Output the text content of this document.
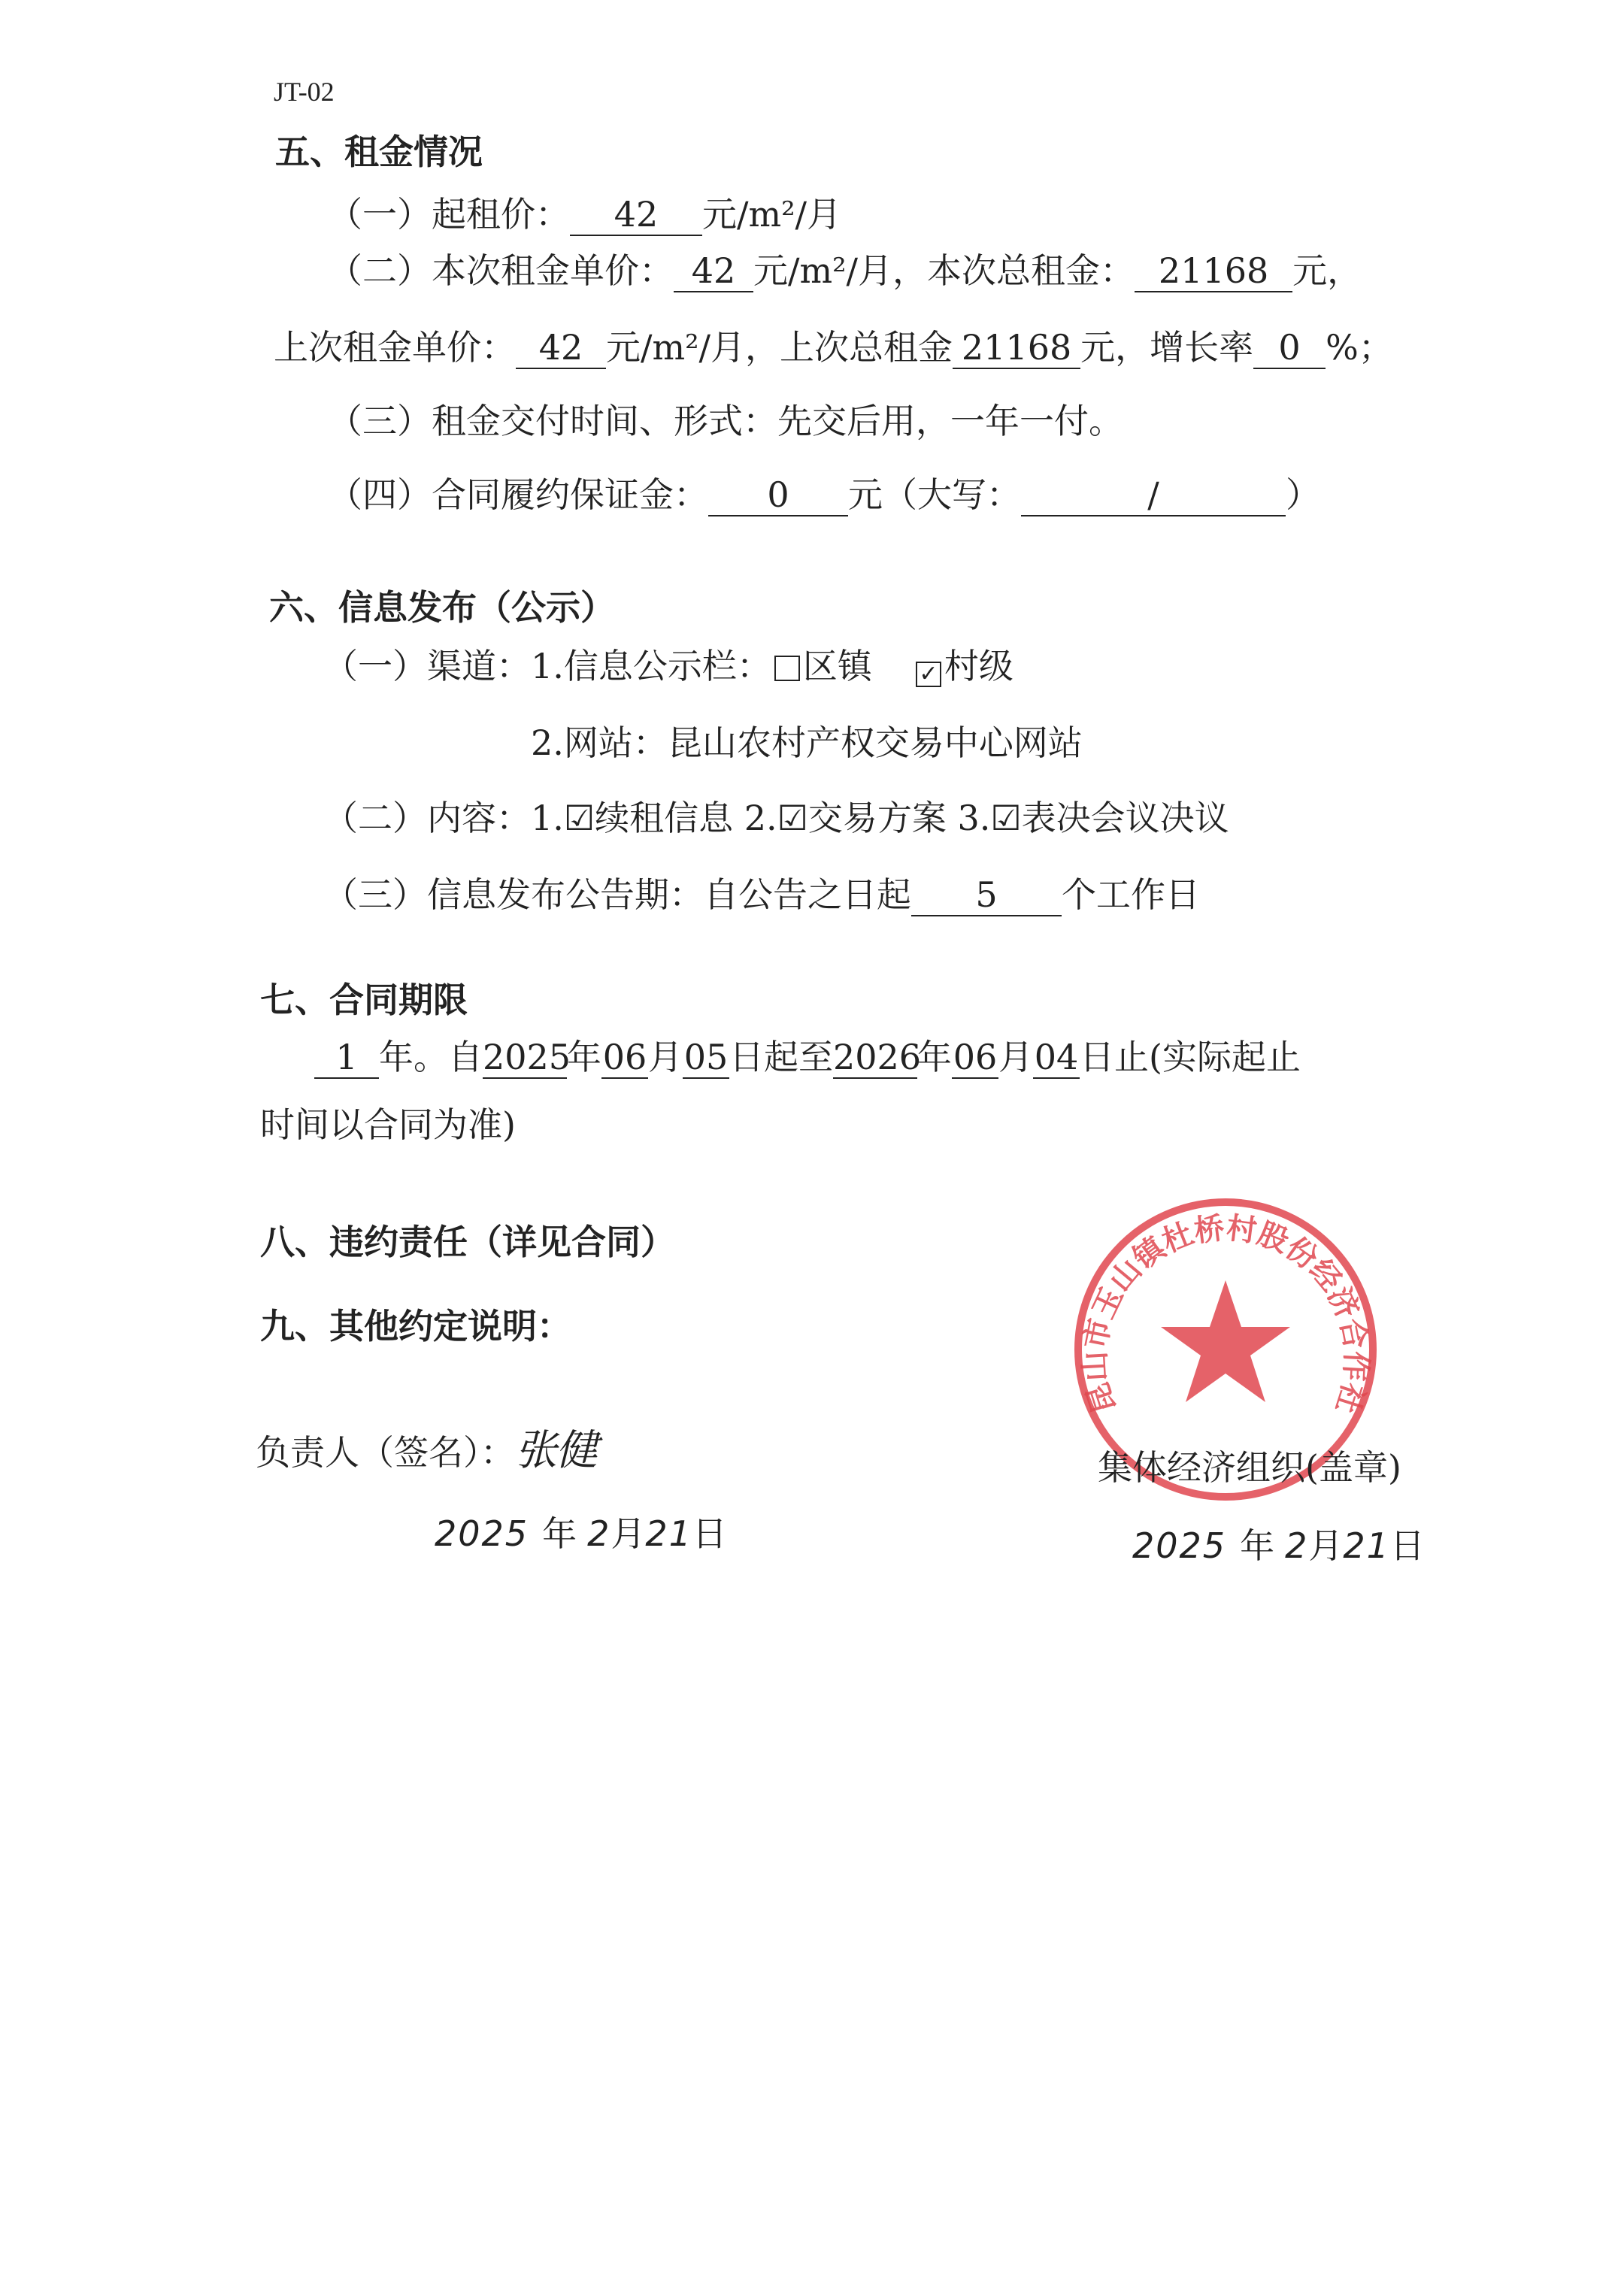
JT-02
五、租金情况
（一）起租价： 42 元/m²/月
（二）本次租金单价： 42 元/m²/月，本次总租金： 21168 元，
上次租金单价： 42 元/m²/月，上次总租金 21168 元，增长率 0 %；
（三）租金交付时间、形式：先交后用，一年一付。
（四）合同履约保证金： 0 元（大写：	/	）
六、信息发布（公示）
（一）渠道：1.信息公示栏： 区镇 ✓ 村级
2.网站：昆山农村产权交易中心网站
（二）内容：1.☑续租信息 2.☑交易方案 3.☑表决会议决议
（三）信息发布公告期：自公告之日起 5 个工作日
七、合同期限
1 年。自2025年06月05日起至2026年06月04日止(实际起止
时间以合同为准)
八、违约责任（详见合同）
九、其他约定说明：
负责人（签名）：张健
2025 年 2月21日
昆山市玉山镇杜桥村股份经济合作社
集体经济组织(盖章)
2025 年 2月21日
